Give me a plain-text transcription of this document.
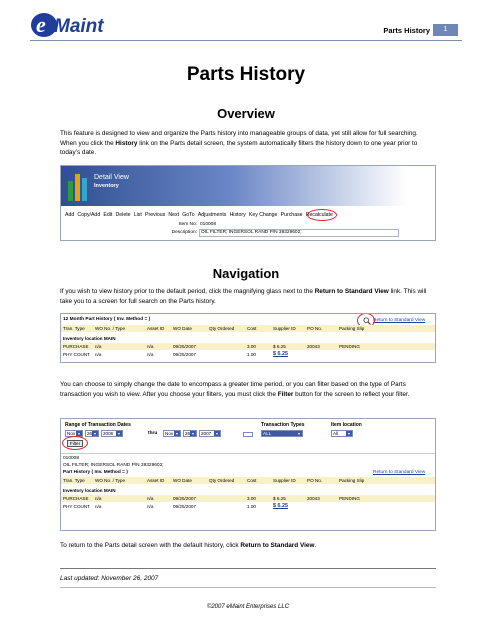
e Maint	Parts History	1
Parts History
Overview
This feature is designed to view and organize the Parts history into manageable groups of data, yet still allow for full searching. When you click the History link on the Parts detail screen, the system automatically filters the history down to one year prior to today’s date.
Detail View
Inventory
Add Copy/Add Edit Delete List Previous Next GoTo Adjustments History Key Change Purchase Recalculate
Item No: 010008
Description: OIL FILTER; INGERSOL RAND P/N 39329602;
Navigation
If you wish to view history prior to the default period, click the magnifying glass next to the Return to Standard View link. This will take you to a screen for full search on the Parts history.
12 Month Part History ( Inv. Method = )	Return to Standard View
Tran. Type WO No. / Type	Asset ID WO Date	Qty Ordered	Cost	Supplier ID PO No.	Packing Slip
Inventory location MAIN
PURCHASE n/a	n/a	09/25/2007	3.00	$ 6.25	20043	PENDING
PHY COUNT n/a	n/a	09/25/2007	1.00	$ 6.25
You can choose to simply change the date to encompass a greater time period, or you can filter based on the type of Parts transaction you wish to view. After you choose your filters, you must click the Filter button for the screen to reflect your filter.
Range of Transaction Dates
Nov ▾	26 ▾	2006 ▾	thru	Nov ▾	26 ▾	2007 ▾
Transaction Types
ALL ▾
Item location
All ▾
Filter
010008
OIL FILTER; INGERSOL RAND P/N 39329602;
Part History ( Inv. Method = )	Return to Standard View
Tran. Type WO No. / Type	Asset ID WO Date	Qty Ordered	Cost	Supplier ID PO No.	Packing Slip
Inventory location MAIN
PURCHASE n/a	n/a	09/25/2007	3.00	$ 6.25	20043	PENDING
PHY COUNT n/a	n/a	09/25/2007	1.00	$ 6.25
To return to the Parts detail screen with the default history, click Return to Standard View.
Last updated: November 26, 2007
©2007 eMaint Enterprises LLC
